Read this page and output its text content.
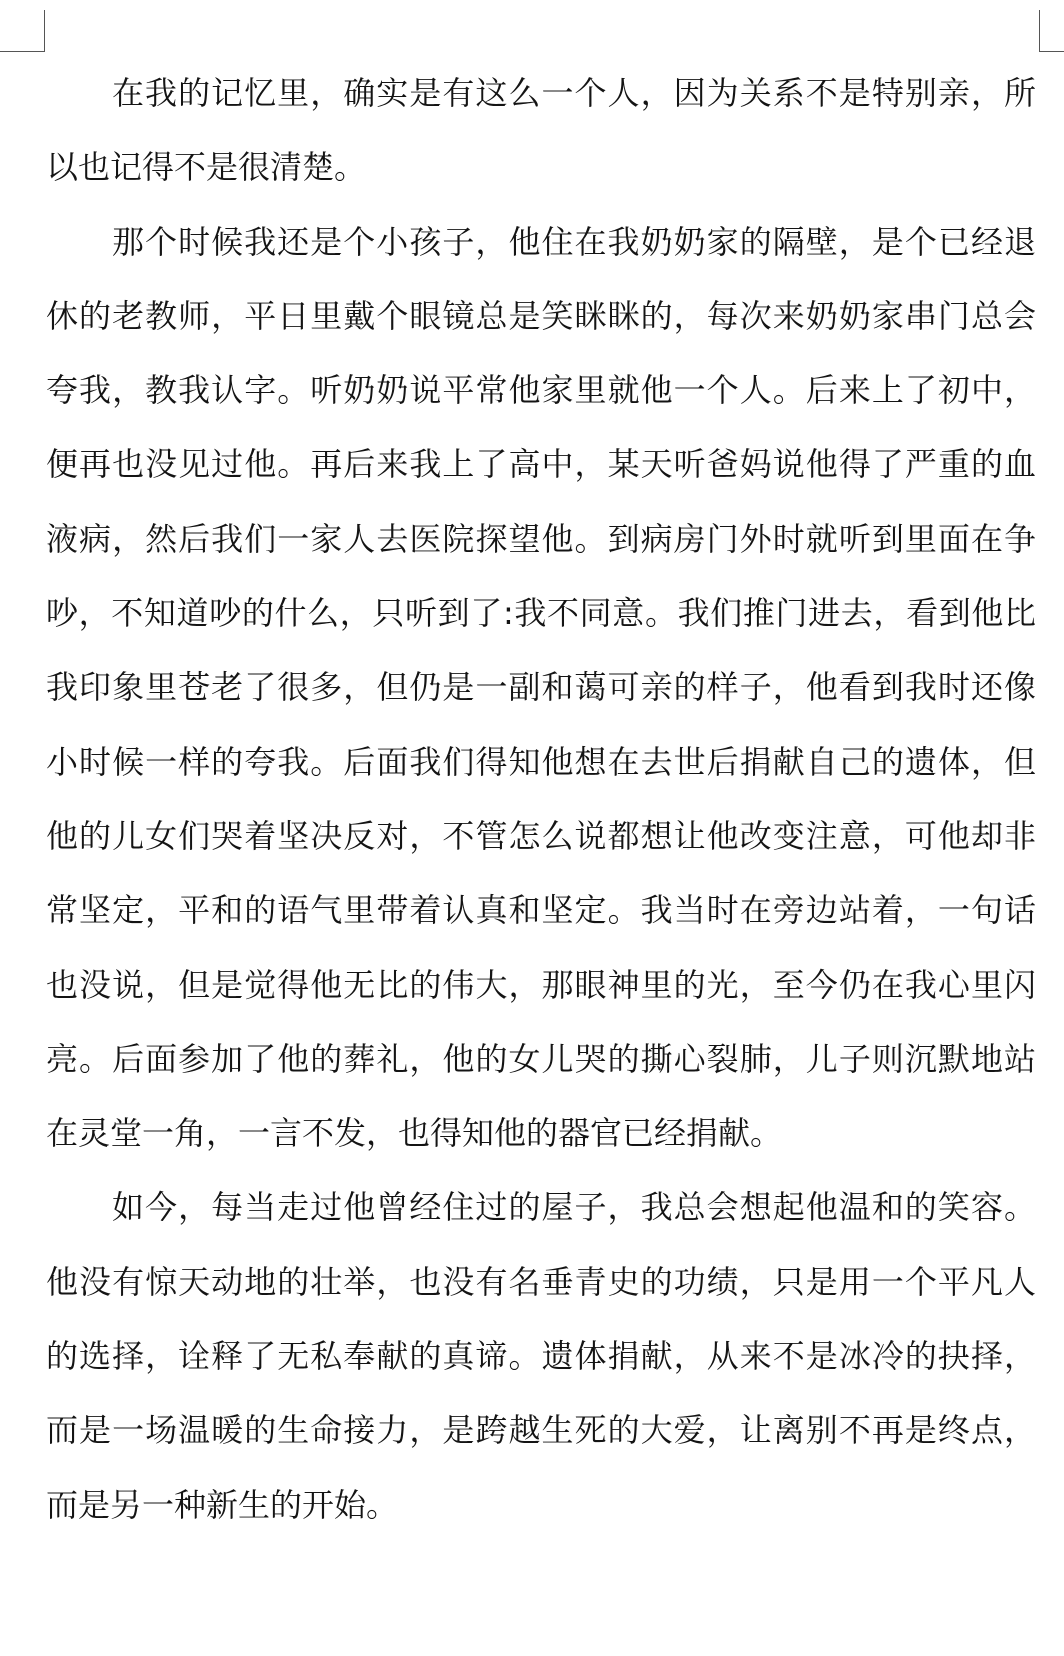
在我的记忆里，确实是有这么一个人，因为关系不是特别亲，所
以也记得不是很清楚。
那个时候我还是个小孩子，他住在我奶奶家的隔壁，是个已经退
休的老教师，平日里戴个眼镜总是笑眯眯的，每次来奶奶家串门总会
夸我，教我认字。听奶奶说平常他家里就他一个人。后来上了初中，
便再也没见过他。再后来我上了高中，某天听爸妈说他得了严重的血
液病，然后我们一家人去医院探望他。到病房门外时就听到里面在争
吵，不知道吵的什么，只听到了:我不同意。我们推门进去，看到他比
我印象里苍老了很多，但仍是一副和蔼可亲的样子，他看到我时还像
小时候一样的夸我。后面我们得知他想在去世后捐献自己的遗体，但
他的儿女们哭着坚决反对，不管怎么说都想让他改变注意，可他却非
常坚定，平和的语气里带着认真和坚定。我当时在旁边站着，一句话
也没说，但是觉得他无比的伟大，那眼神里的光，至今仍在我心里闪
亮。后面参加了他的葬礼，他的女儿哭的撕心裂肺，儿子则沉默地站
在灵堂一角，一言不发，也得知他的器官已经捐献。
如今，每当走过他曾经住过的屋子，我总会想起他温和的笑容。
他没有惊天动地的壮举，也没有名垂青史的功绩，只是用一个平凡人
的选择，诠释了无私奉献的真谛。遗体捐献，从来不是冰冷的抉择，
而是一场温暖的生命接力，是跨越生死的大爱，让离别不再是终点，
而是另一种新生的开始。
